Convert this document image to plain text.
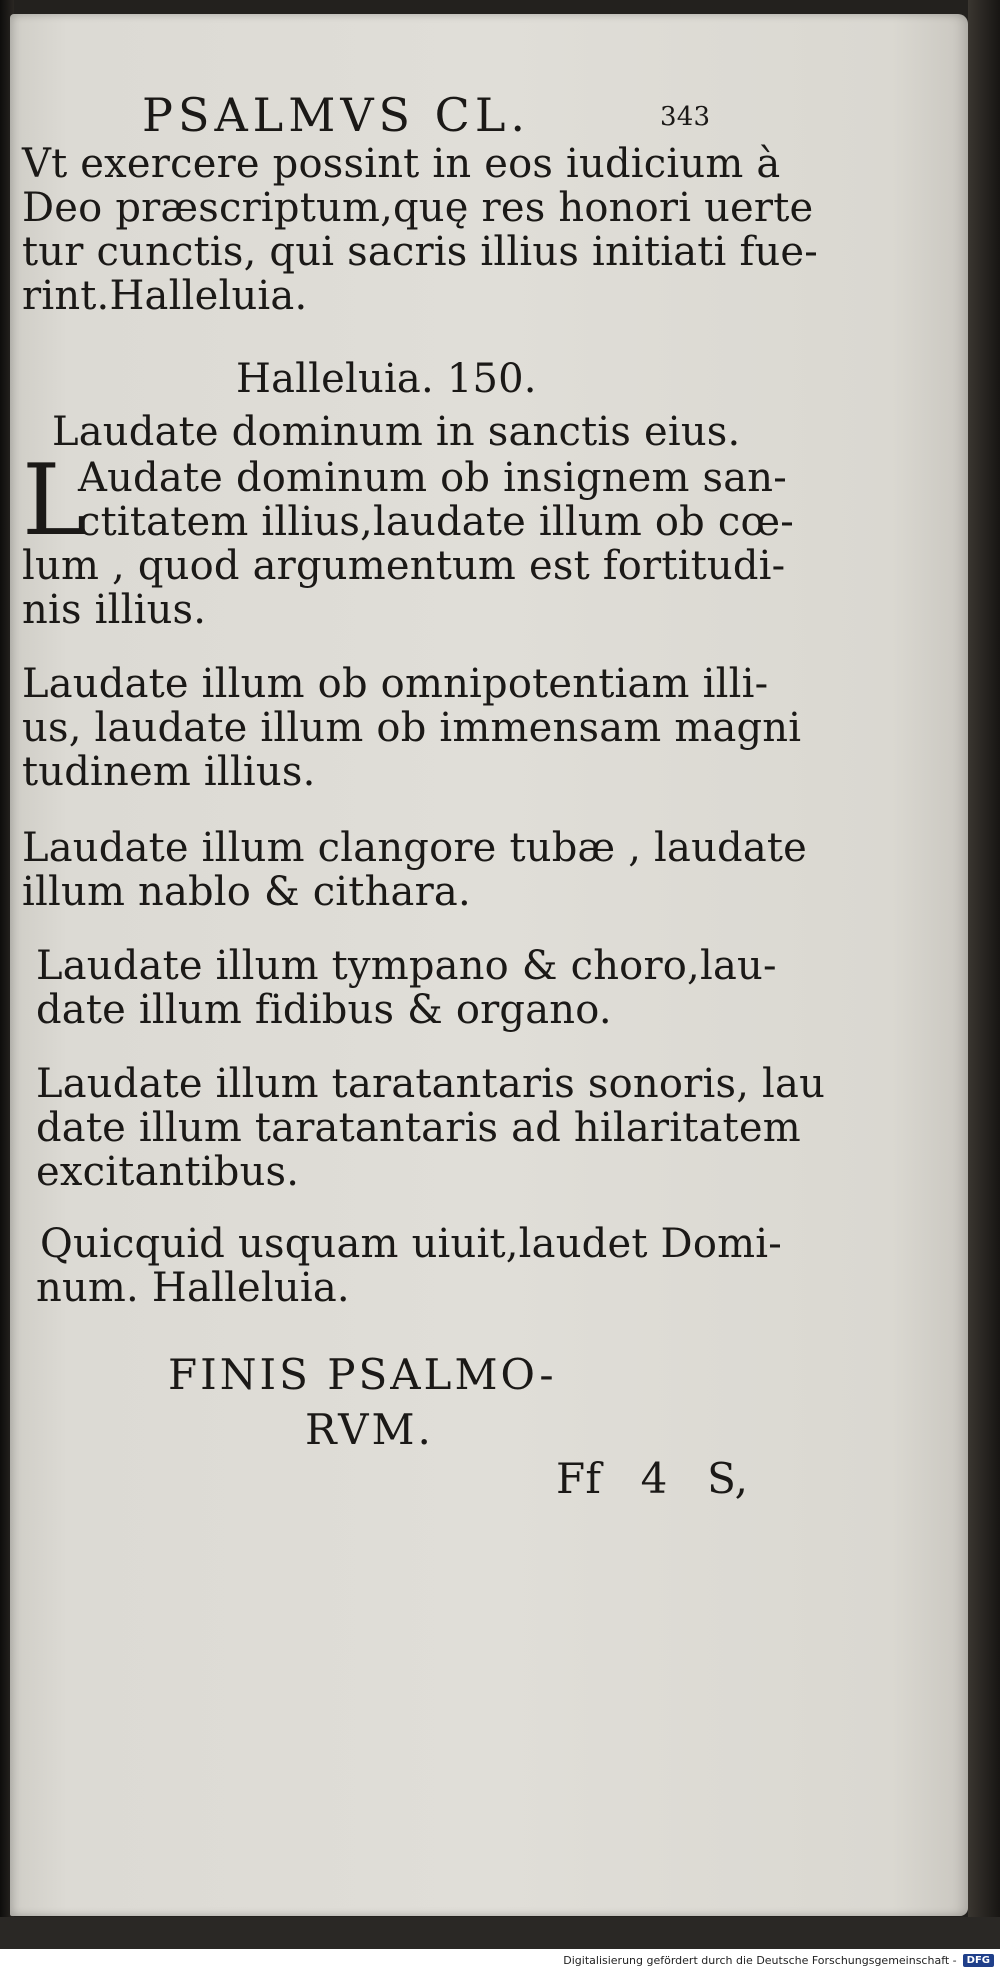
PSALMVS CL.	343
Vt exercere possint in eos iudicium à
Deo præscriptum,quę res honori uerte
tur cunctis, qui sacris illius initiati fue-
rint.Halleluia.
Halleluia. 150.
Laudate dominum in sanctis eius.
L
Audate dominum ob insignem san-
ctitatem illius,laudate illum ob cœ-
lum , quod argumentum est fortitudi-
nis illius.
Laudate illum ob omnipotentiam illi-
us, laudate illum ob immensam magni
tudinem illius.
Laudate illum clangore tubæ , laudate
illum nablo & cithara.
Laudate illum tympano & choro,lau-
date illum fidibus & organo.
Laudate illum taratantaris sonoris, lau
date illum taratantaris ad hilaritatem
excitantibus.
Quicquid usquam uiuit,laudet Domi-
num. Halleluia.
FINIS PSALMO-
RVM.
Ff 4 S,
Digitalisierung gefördert durch die Deutsche Forschungsgemeinschaft -	DFG
